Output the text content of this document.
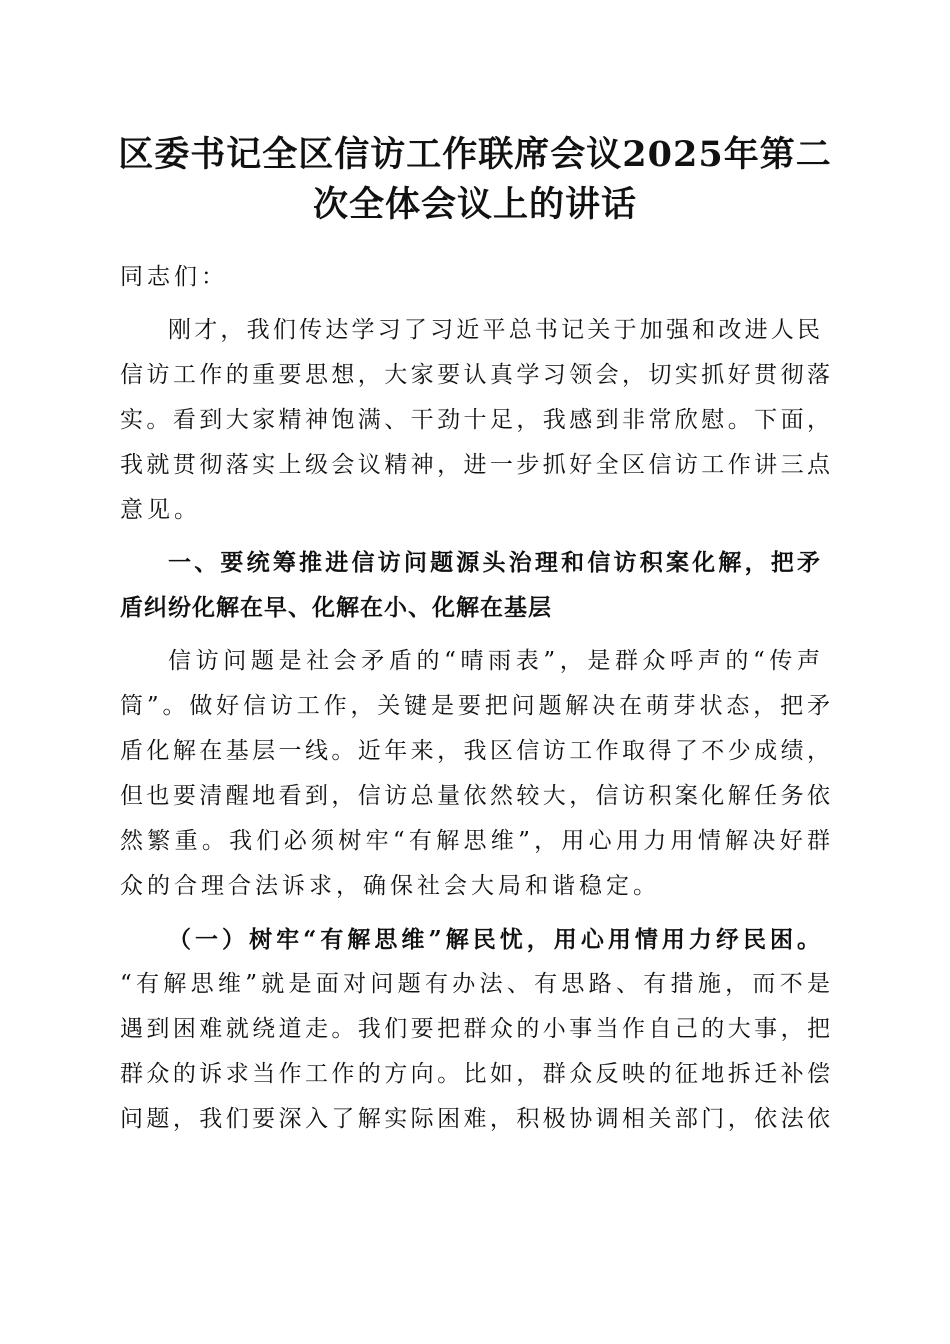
区委书记全区信访工作联席会议2025年第二
次全体会议上的讲话
同志们：
刚才，我们传达学习了习近平总书记关于加强和改进人民
信访工作的重要思想，大家要认真学习领会，切实抓好贯彻落
实。看到大家精神饱满、干劲十足，我感到非常欣慰。下面，
我就贯彻落实上级会议精神，进一步抓好全区信访工作讲三点
意见。
一、要统筹推进信访问题源头治理和信访积案化解，把矛
盾纠纷化解在早、化解在小、化解在基层
信访问题是社会矛盾的“晴雨表”，是群众呼声的“传声
筒”。做好信访工作，关键是要把问题解决在萌芽状态，把矛
盾化解在基层一线。近年来，我区信访工作取得了不少成绩，
但也要清醒地看到，信访总量依然较大，信访积案化解任务依
然繁重。我们必须树牢“有解思维”，用心用力用情解决好群
众的合理合法诉求，确保社会大局和谐稳定。
（一）树牢“有解思维”解民忧，用心用情用力纾民困。
“有解思维”就是面对问题有办法、有思路、有措施，而不是
遇到困难就绕道走。我们要把群众的小事当作自己的大事，把
群众的诉求当作工作的方向。比如，群众反映的征地拆迁补偿
问题，我们要深入了解实际困难，积极协调相关部门，依法依
